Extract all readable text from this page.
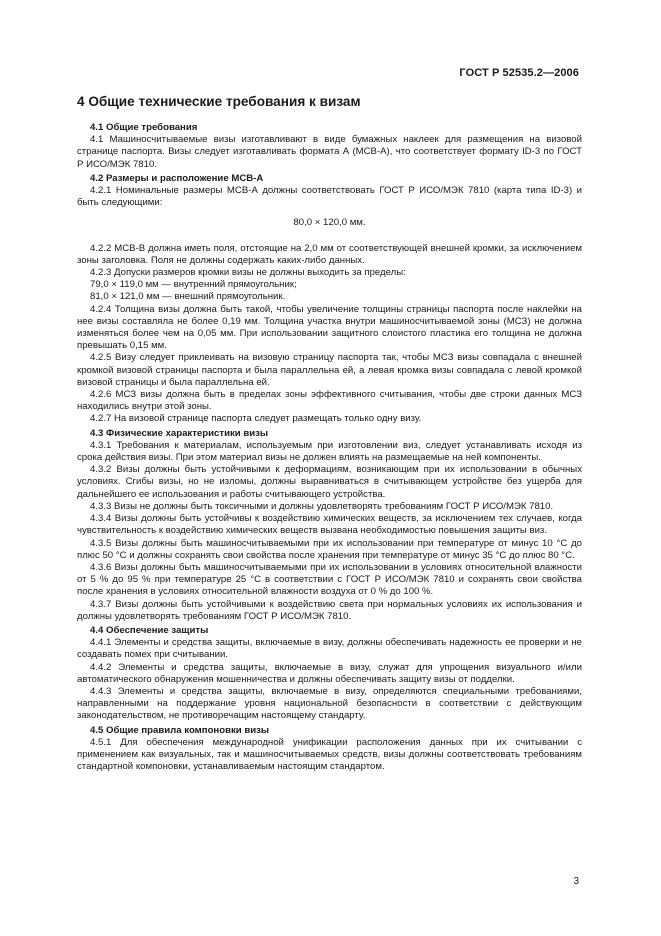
ГОСТ Р 52535.2—2006
4 Общие технические требования к визам
4.1 Общие требования

4.1 Машиносчитываемые визы изготавливают в виде бумажных наклеек для размещения на визовой странице паспорта. Визы следует изготавливать формата А (МСВ-А), что соответствует формату ID-3 по ГОСТ Р ИСО/МЭК 7810.

4.2 Размеры и расположение МСВ-А

4.2.1 Номинальные размеры МСВ-А должны соответствовать ГОСТ Р ИСО/МЭК 7810 (карта типа ID-3) и быть следующими:

80,0 × 120,0 мм.

4.2.2 МСВ-В должна иметь поля, отстоящие на 2,0 мм от соответствующей внешней кромки, за исключением зоны заголовка. Поля не должны содержать каких-либо данных.

4.2.3 Допуски размеров кромки визы не должны выходить за пределы:

79,0 × 119,0 мм — внутренний прямоугольник;

81,0 × 121,0 мм — внешний прямоугольник.

4.2.4 Толщина визы должна быть такой, чтобы увеличение толщины страницы паспорта после наклейки на нее визы составляла не более 0,19 мм. Толщина участка внутри машиносчитываемой зоны (МСЗ) не должна изменяться более чем на 0,05 мм. При использовании защитного слоистого пластика его толщина не должна превышать 0,15 мм.

4.2.5 Визу следует приклеивать на визовую страницу паспорта так, чтобы МСЗ визы совпадала с внешней кромкой визовой страницы паспорта и была параллельна ей, а левая кромка визы совпадала с левой кромкой визовой страницы и была параллельна ей.

4.2.6 МСЗ визы должна быть в пределах зоны эффективного считывания, чтобы две строки данных МСЗ находились внутри этой зоны.

4.2.7 На визовой странице паспорта следует размещать только одну визу.

4.3 Физические характеристики визы

4.3.1 Требования к материалам, используемым при изготовлении виз, следует устанавливать исходя из срока действия визы. При этом материал визы не должен влиять на размещаемые на ней компоненты.

4.3.2 Визы должны быть устойчивыми к деформациям, возникающим при их использовании в обычных условиях. Сгибы визы, но не изломы, должны выравниваться в считывающем устройстве без ущерба для дальнейшего ее использования и работы считывающего устройства.

4.3.3 Визы не должны быть токсичными и должны удовлетворять требованиям ГОСТ Р ИСО/МЭК 7810.

4.3.4 Визы должны быть устойчивы к воздействию химических веществ, за исключением тех случаев, когда чувствительность к воздействию химических веществ вызвана необходимостью повышения защиты виз.

4.3.5 Визы должны быть машиносчитываемыми при их использовании при температуре от минус 10 °C до плюс 50 °C и должны сохранять свои свойства после хранения при температуре от минус 35 °C до плюс 80 °C.

4.3.6 Визы должны быть машиносчитываемыми при их использовании в условиях относительной влажности от 5 % до 95 % при температуре 25 °C в соответствии с ГОСТ Р ИСО/МЭК 7810 и сохранять свои свойства после хранения в условиях относительной влажности воздуха от 0 % до 100 %.

4.3.7 Визы должны быть устойчивыми к воздействию света при нормальных условиях их использования и должны удовлетворять требованиям ГОСТ Р ИСО/МЭК 7810.

4.4 Обеспечение защиты

4.4.1 Элементы и средства защиты, включаемые в визу, должны обеспечивать надежность ее проверки и не создавать помех при считывании.

4.4.2 Элементы и средства защиты, включаемые в визу, служат для упрощения визуального и/или автоматического обнаружения мошенничества и должны обеспечивать защиту визы от подделки.

4.4.3 Элементы и средства защиты, включаемые в визу, определяются специальными требованиями, направленными на поддержание уровня национальной безопасности в соответствии с действующим законодательством, не противоречащим настоящему стандарту.

4.5 Общие правила компоновки визы

4.5.1 Для обеспечения международной унификации расположения данных при их считывании с применением как визуальных, так и машиносчитываемых средств, визы должны соответствовать требованиям стандартной компоновки, устанавливаемым настоящим стандартом.

3
